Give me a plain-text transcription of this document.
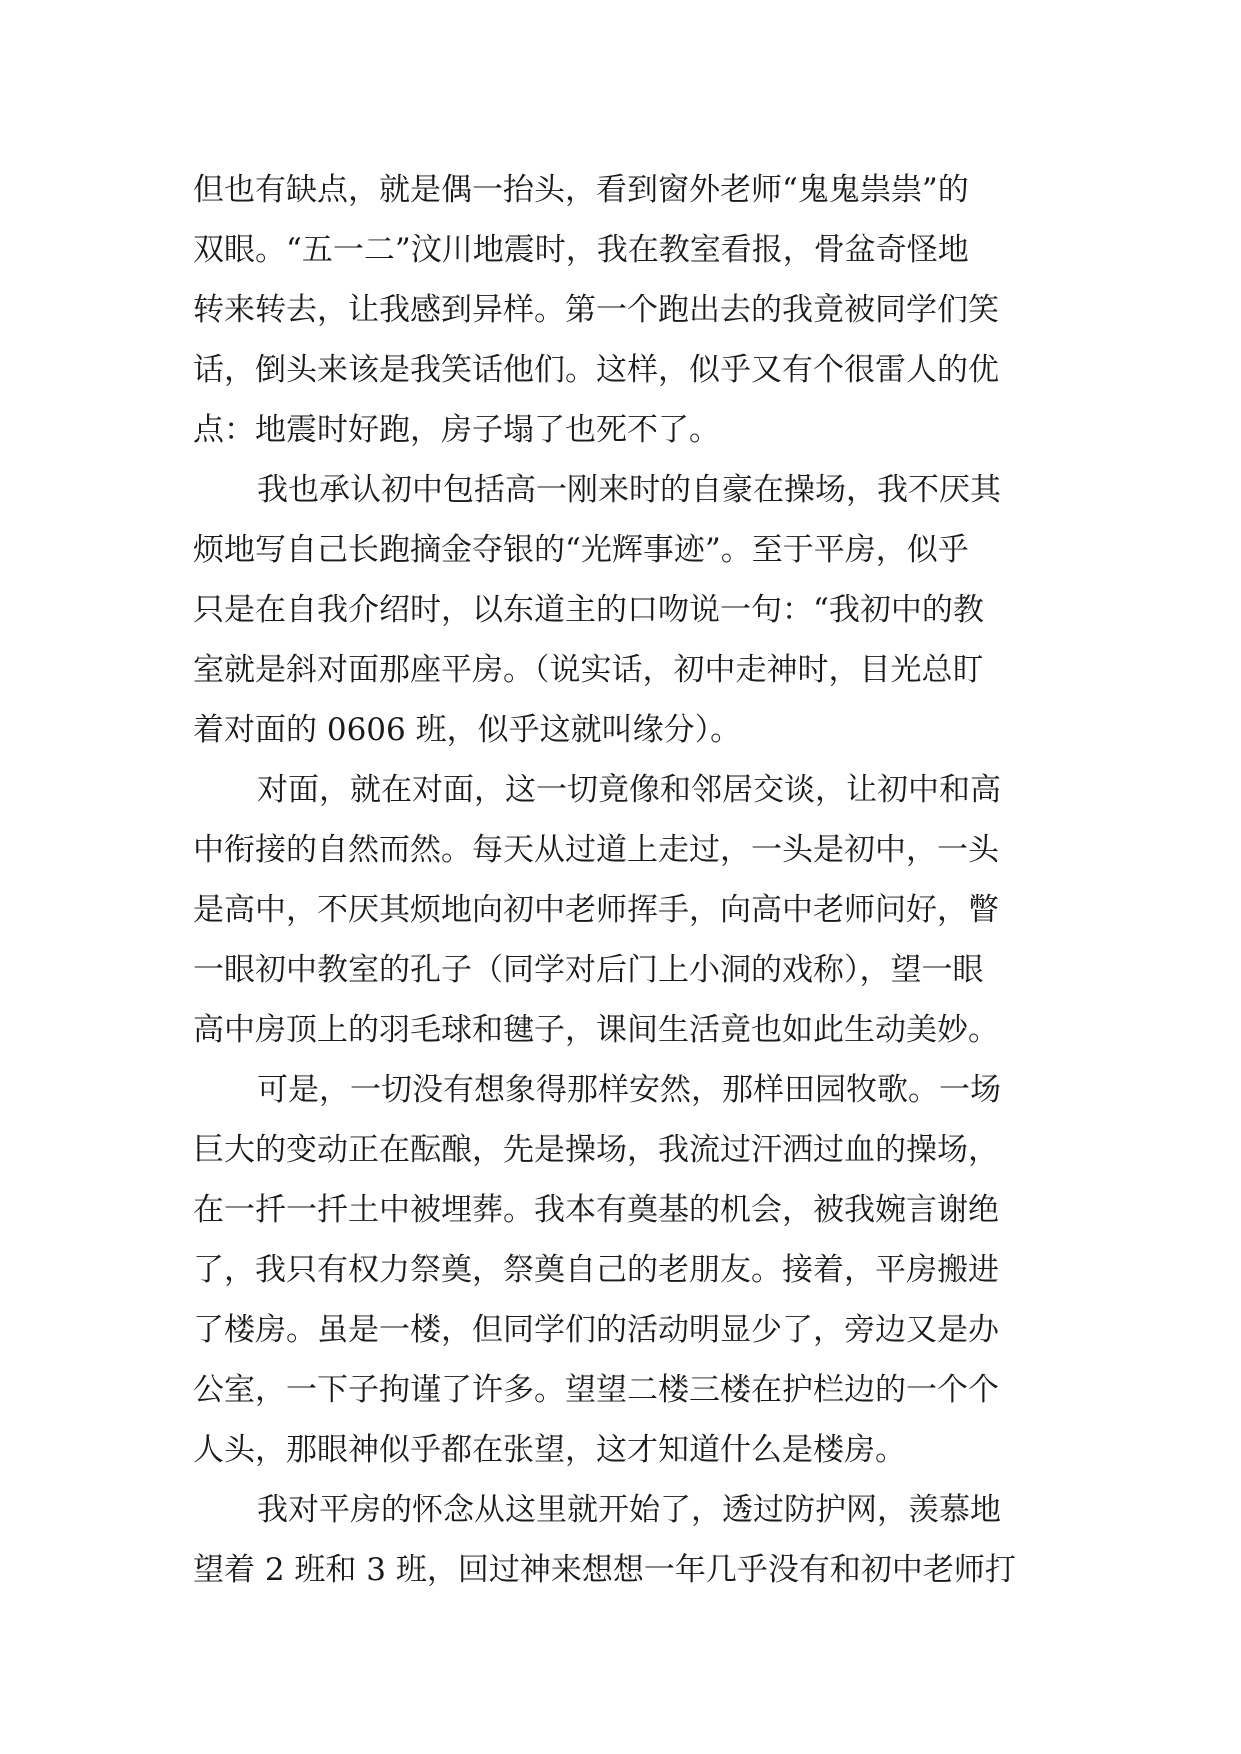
但也有缺点，就是偶一抬头，看到窗外老师“鬼鬼祟祟”的
双眼。“五一二”汶川地震时，我在教室看报，骨盆奇怪地
转来转去，让我感到异样。第一个跑出去的我竟被同学们笑
话，倒头来该是我笑话他们。这样，似乎又有个很雷人的优
点：地震时好跑，房子塌了也死不了。
我也承认初中包括高一刚来时的自豪在操场，我不厌其
烦地写自己长跑摘金夺银的“光辉事迹”。至于平房，似乎
只是在自我介绍时，以东道主的口吻说一句：“我初中的教
室就是斜对面那座平房。（说实话，初中走神时，目光总盯
着对面的 0606 班，似乎这就叫缘分）。
对面，就在对面，这一切竟像和邻居交谈，让初中和高
中衔接的自然而然。每天从过道上走过，一头是初中，一头
是高中，不厌其烦地向初中老师挥手，向高中老师问好，瞥
一眼初中教室的孔子（同学对后门上小洞的戏称），望一眼
高中房顶上的羽毛球和毽子，课间生活竟也如此生动美妙。
可是，一切没有想象得那样安然，那样田园牧歌。一场
巨大的变动正在酝酿，先是操场，我流过汗洒过血的操场，
在一扦一扦土中被埋葬。我本有奠基的机会，被我婉言谢绝
了，我只有权力祭奠，祭奠自己的老朋友。接着，平房搬进
了楼房。虽是一楼，但同学们的活动明显少了，旁边又是办
公室，一下子拘谨了许多。望望二楼三楼在护栏边的一个个
人头，那眼神似乎都在张望，这才知道什么是楼房。
我对平房的怀念从这里就开始了，透过防护网，羡慕地
望着 2 班和 3 班，回过神来想想一年几乎没有和初中老师打
